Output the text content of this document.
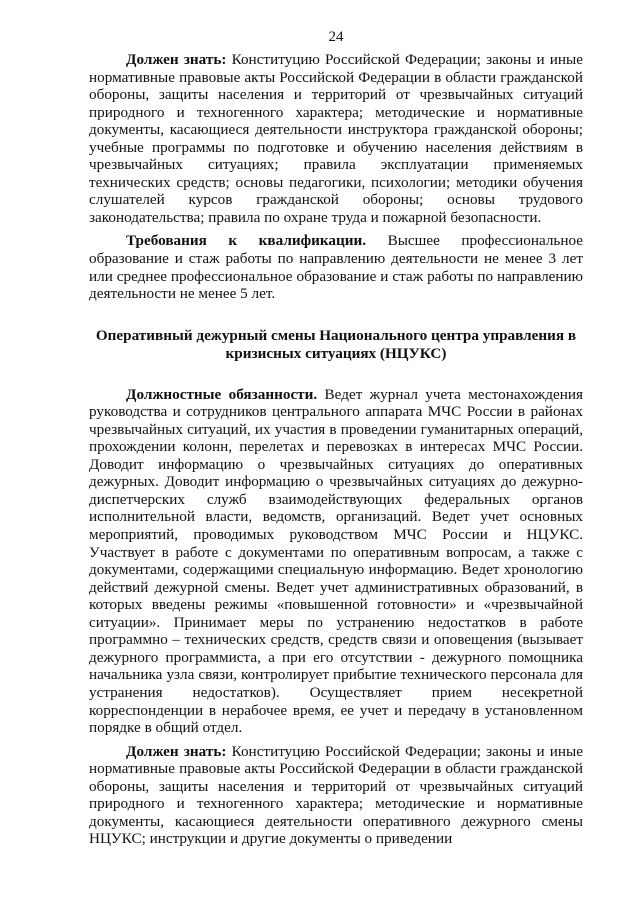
24

Должен знать: Конституцию Российской Федерации; законы и иные нормативные правовые акты Российской Федерации в области гражданской обороны, защиты населения и территорий от чрезвычайных ситуаций природного и техногенного характера; методические и нормативные документы, касающиеся деятельности инструктора гражданской обороны; учебные программы по подготовке и обучению населения действиям в чрезвычайных ситуациях; правила эксплуатации применяемых технических средств; основы педагогики, психологии; методики обучения слушателей курсов гражданской обороны; основы трудового законодательства; правила по охране труда и пожарной безопасности.

Требования к квалификации. Высшее профессиональное образование и стаж работы по направлению деятельности не менее 3 лет или среднее профессиональное образование и стаж работы по направлению деятельности не менее 5 лет.

Оперативный дежурный смены Национального центра управления в кризисных ситуациях (НЦУКС)

Должностные обязанности. Ведет журнал учета местонахождения руководства и сотрудников центрального аппарата МЧС России в районах чрезвычайных ситуаций, их участия в проведении гуманитарных операций, прохождении колонн, перелетах и перевозках в интересах МЧС России. Доводит информацию о чрезвычайных ситуациях до оперативных дежурных. Доводит информацию о чрезвычайных ситуациях до дежурно-диспетчерских служб взаимодействующих федеральных органов исполнительной власти, ведомств, организаций. Ведет учет основных мероприятий, проводимых руководством МЧС России и НЦУКС. Участвует в работе с документами по оперативным вопросам, а также с документами, содержащими специальную информацию. Ведет хронологию действий дежурной смены. Ведет учет административных образований, в которых введены режимы «повышенной готовности» и «чрезвычайной ситуации». Принимает меры по устранению недостатков в работе программно – технических средств, средств связи и оповещения (вызывает дежурного программиста, а при его отсутствии - дежурного помощника начальника узла связи, контролирует прибытие технического персонала для устранения недостатков). Осуществляет прием несекретной корреспонденции в нерабочее время, ее учет и передачу в установленном порядке в общий отдел.

Должен знать: Конституцию Российской Федерации; законы и иные нормативные правовые акты Российской Федерации в области гражданской обороны, защиты населения и территорий от чрезвычайных ситуаций природного и техногенного характера; методические и нормативные документы, касающиеся деятельности оперативного дежурного смены НЦУКС; инструкции и другие документы о приведении
